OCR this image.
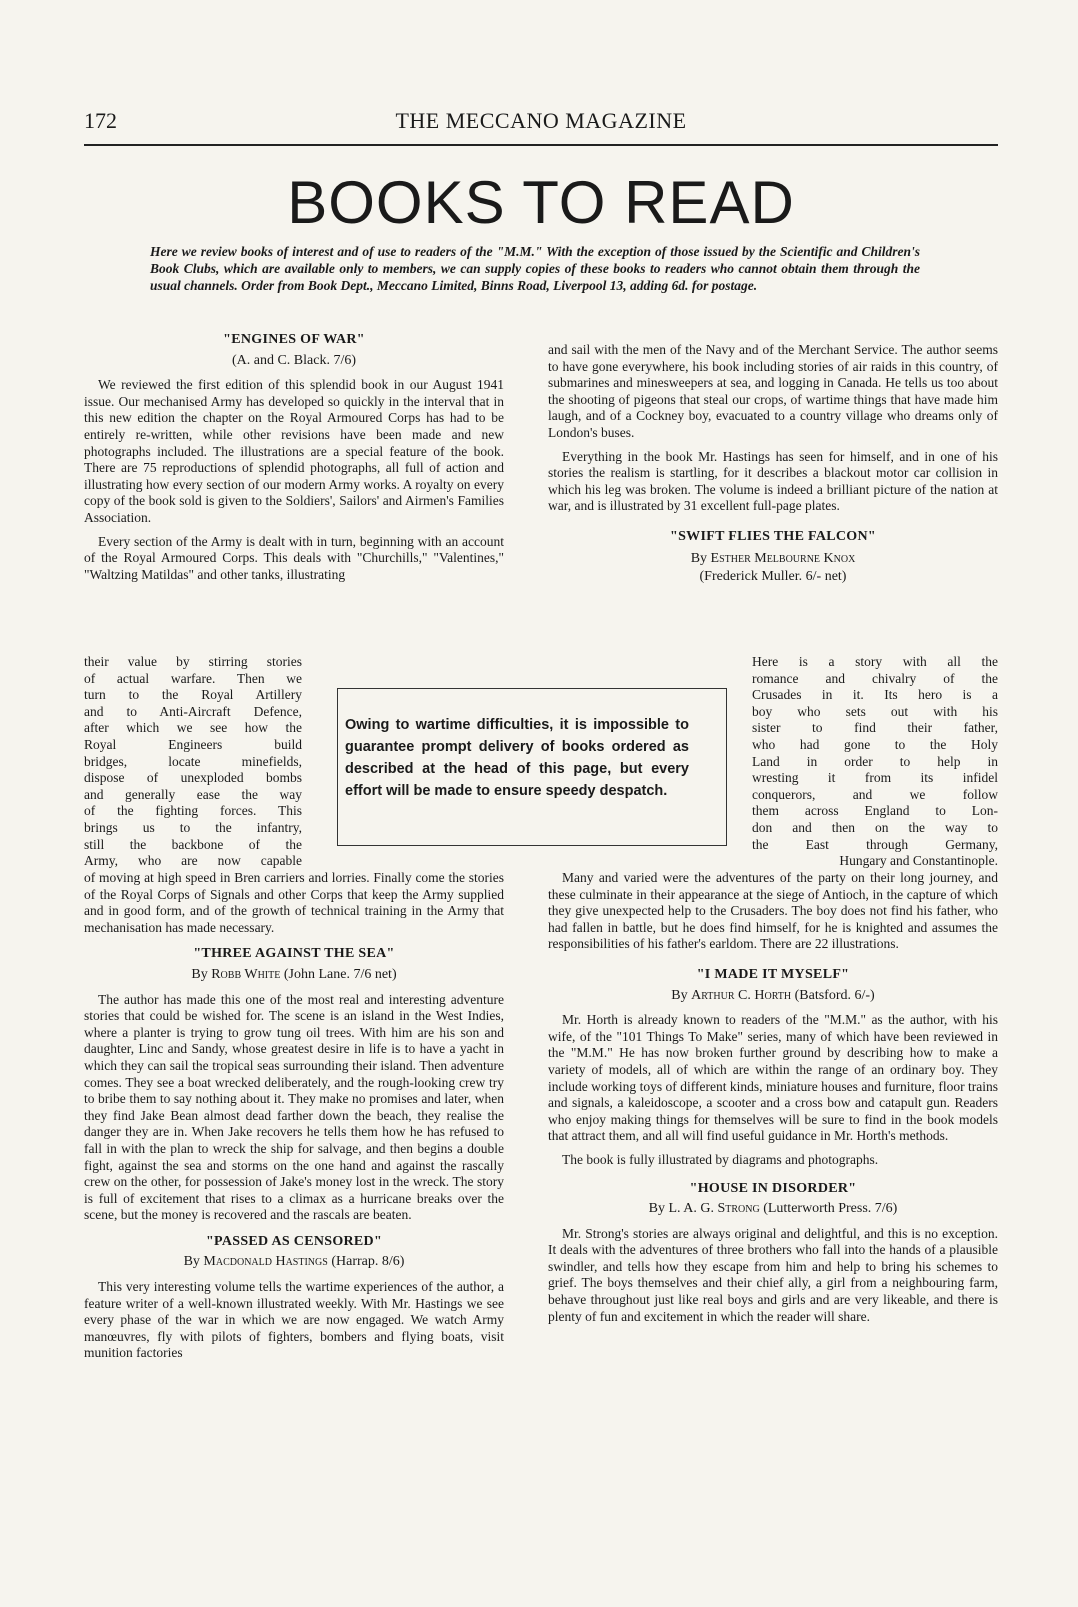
172	THE MECCANO MAGAZINE
BOOKS TO READ
Here we review books of interest and of use to readers of the "M.M." With the exception of those issued by the Scientific and Children's Book Clubs, which are available only to members, we can supply copies of these books to readers who cannot obtain them through the usual channels. Order from Book Dept., Meccano Limited, Binns Road, Liverpool 13, adding 6d. for postage.
"ENGINES OF WAR"
(A. and C. Black. 7/6)

We reviewed the first edition of this splendid book in our August 1941 issue. Our mechanised Army has developed so quickly in the interval that in this new edition the chapter on the Royal Armoured Corps has had to be entirely re-written, while other revisions have been made and new photographs included. The illustrations are a special feature of the book. There are 75 reproductions of splendid photographs, all full of action and illustrating how every section of our modern Army works. A royalty on every copy of the book sold is given to the Soldiers', Sailors' and Airmen's Families Association.

Every section of the Army is dealt with in turn, beginning with an account of the Royal Armoured Corps. This deals with "Churchills," "Valentines," "Waltzing Matildas" and other tanks, illustrating

their value by stirring stories
of actual warfare. Then we
turn to the Royal Artillery
and to Anti-Aircraft Defence,
after which we see how the
Royal Engineers build
bridges, locate minefields,
dispose of unexploded bombs
and generally ease the way
of the fighting forces. This
brings us to the infantry,
still the backbone of the
Army, who are now capable

of moving at high speed in Bren carriers and lorries. Finally come the stories of the Royal Corps of Signals and other Corps that keep the Army supplied and in good form, and of the growth of technical training in the Army that mechanisation has made necessary.

"THREE AGAINST THE SEA"
By Robb White (John Lane. 7/6 net)

The author has made this one of the most real and interesting adventure stories that could be wished for. The scene is an island in the West Indies, where a planter is trying to grow tung oil trees. With him are his son and daughter, Linc and Sandy, whose greatest desire in life is to have a yacht in which they can sail the tropical seas surrounding their island. Then adventure comes. They see a boat wrecked deliberately, and the rough-looking crew try to bribe them to say nothing about it. They make no promises and later, when they find Jake Bean almost dead farther down the beach, they realise the danger they are in. When Jake recovers he tells them how he has refused to fall in with the plan to wreck the ship for salvage, and then begins a double fight, against the sea and storms on the one hand and against the rascally crew on the other, for possession of Jake's money lost in the wreck. The story is full of excitement that rises to a climax as a hurricane breaks over the scene, but the money is recovered and the rascals are beaten.

"PASSED AS CENSORED"
By Macdonald Hastings (Harrap. 8/6)

This very interesting volume tells the wartime experiences of the author, a feature writer of a well-known illustrated weekly. With Mr. Hastings we see every phase of the war in which we are now engaged. We watch Army manœuvres, fly with pilots of fighters, bombers and flying boats, visit munition factories

and sail with the men of the Navy and of the Merchant Service. The author seems to have gone everywhere, his book including stories of air raids in this country, of submarines and minesweepers at sea, and logging in Canada. He tells us too about the shooting of pigeons that steal our crops, of wartime things that have made him laugh, and of a Cockney boy, evacuated to a country village who dreams only of London's buses.

Everything in the book Mr. Hastings has seen for himself, and in one of his stories the realism is startling, for it describes a blackout motor car collision in which his leg was broken. The volume is indeed a brilliant picture of the nation at war, and is illustrated by 31 excellent full-page plates.

"SWIFT FLIES THE FALCON"
By Esther Melbourne Knox
(Frederick Muller. 6/- net)
Here is a story with all the
romance and chivalry of the
Crusades in it. Its hero is a
boy who sets out with his
sister to find their father,
who had gone to the Holy
Land in order to help in
wresting it from its infidel
conquerors, and we follow
them across England to Lon-
don and then on the way to
the East through Germany,
Hungary and Constantinople.

Many and varied were the adventures of the party on their long journey, and these culminate in their appearance at the siege of Antioch, in the capture of which they give unexpected help to the Crusaders. The boy does not find his father, who had fallen in battle, but he does find himself, for he is knighted and assumes the responsibilities of his father's earldom. There are 22 illustrations.

"I MADE IT MYSELF"
By Arthur C. Horth (Batsford. 6/-)

Mr. Horth is already known to readers of the "M.M." as the author, with his wife, of the "101 Things To Make" series, many of which have been reviewed in the "M.M." He has now broken further ground by describing how to make a variety of models, all of which are within the range of an ordinary boy. They include working toys of different kinds, miniature houses and furniture, floor trains and signals, a kaleidoscope, a scooter and a cross bow and catapult gun. Readers who enjoy making things for themselves will be sure to find in the book models that attract them, and all will find useful guidance in Mr. Horth's methods.

The book is fully illustrated by diagrams and photographs.

"HOUSE IN DISORDER"
By L. A. G. Strong (Lutterworth Press. 7/6)

Mr. Strong's stories are always original and delightful, and this is no exception. It deals with the adventures of three brothers who fall into the hands of a plausible swindler, and tells how they escape from him and help to bring his schemes to grief. The boys themselves and their chief ally, a girl from a neighbouring farm, behave throughout just like real boys and girls and are very likeable, and there is plenty of fun and excitement in which the reader will share.

Owing to wartime difficulties, it is impossible to guarantee prompt delivery of books ordered as described at the head of this page, but every effort will be made to ensure speedy despatch.
